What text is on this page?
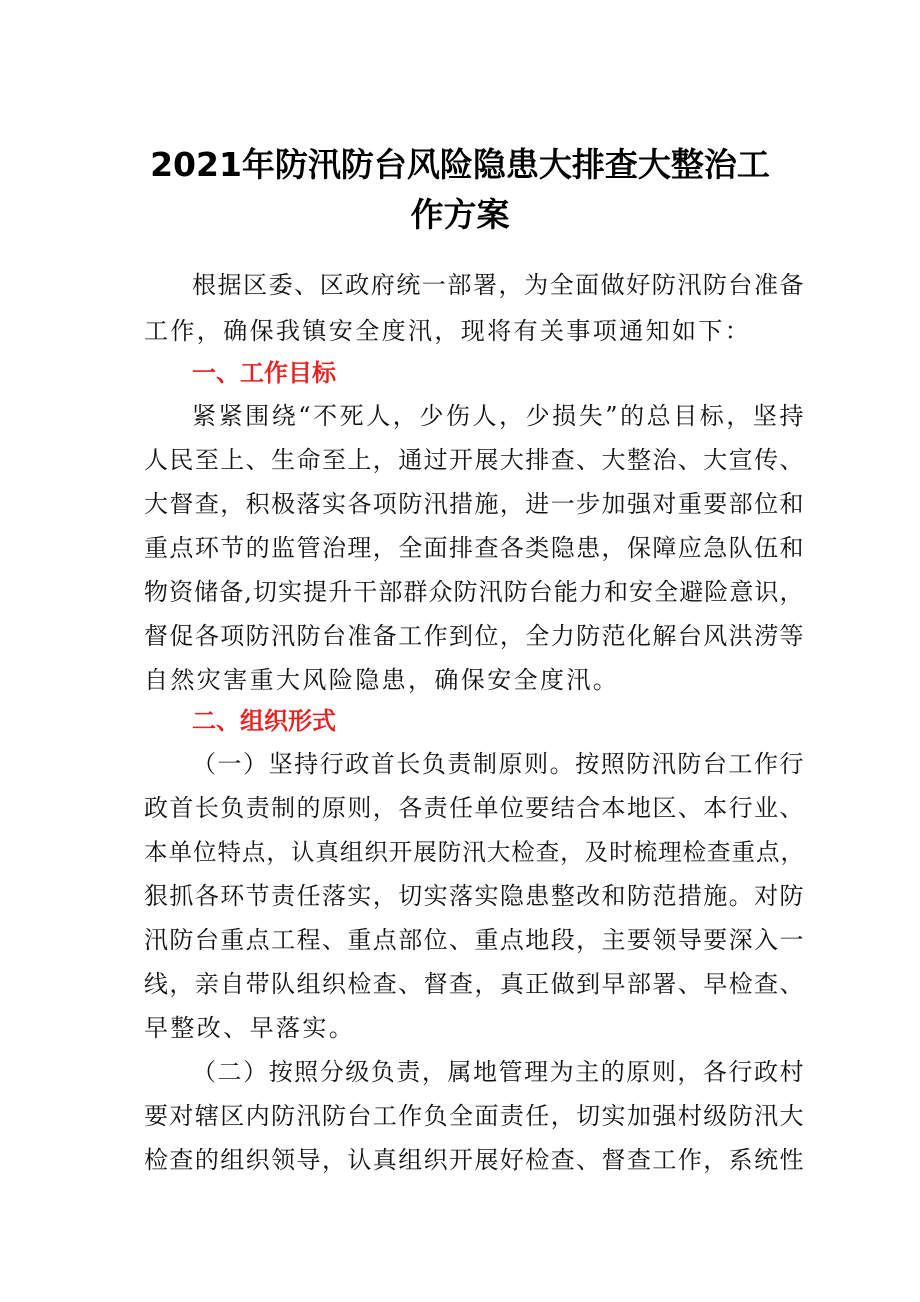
2021年防汛防台风险隐患大排查大整治工
作方案
根据区委、区政府统一部署，为全面做好防汛防台准备
工作，确保我镇安全度汛，现将有关事项通知如下：
一、工作目标
紧紧围绕“不死人，少伤人，少损失”的总目标，坚持
人民至上、生命至上，通过开展大排查、大整治、大宣传、
大督查，积极落实各项防汛措施，进一步加强对重要部位和
重点环节的监管治理，全面排查各类隐患，保障应急队伍和
物资储备,切实提升干部群众防汛防台能力和安全避险意识，
督促各项防汛防台准备工作到位，全力防范化解台风洪涝等
自然灾害重大风险隐患，确保安全度汛。
二、组织形式
（一）坚持行政首长负责制原则。按照防汛防台工作行
政首长负责制的原则，各责任单位要结合本地区、本行业、
本单位特点，认真组织开展防汛大检查，及时梳理检查重点，
狠抓各环节责任落实，切实落实隐患整改和防范措施。对防
汛防台重点工程、重点部位、重点地段，主要领导要深入一
线，亲自带队组织检查、督查，真正做到早部署、早检查、
早整改、早落实。
（二）按照分级负责，属地管理为主的原则，各行政村
要对辖区内防汛防台工作负全面责任，切实加强村级防汛大
检查的组织领导，认真组织开展好检查、督查工作，系统性
